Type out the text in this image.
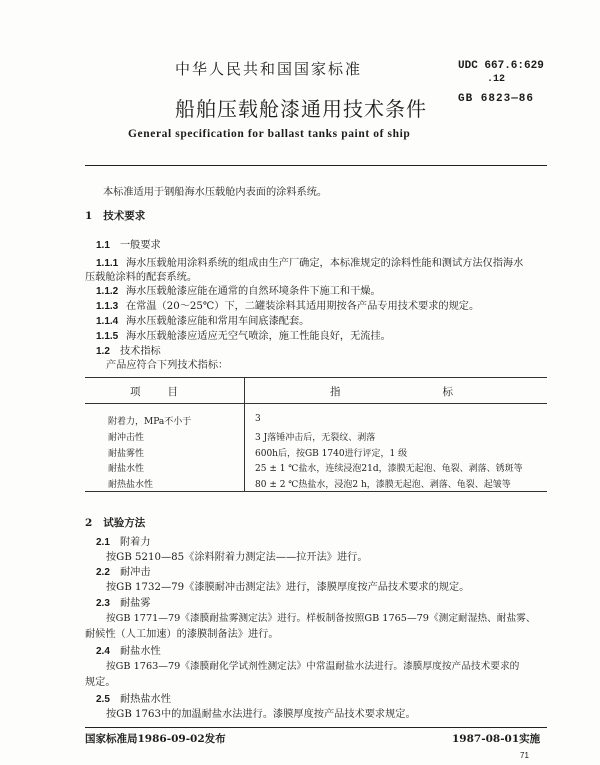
中华人民共和国国家标准	UDC 667.6:629
.12
GB 6823—86
船舶压载舱漆通用技术条件
General specification for ballast tanks paint of ship
本标准适用于钢船海水压载舱内表面的涂料系统。
1 技术要求
1.1 一般要求
1.1.1 海水压载舱用涂料系统的组成由生产厂确定，本标准规定的涂料性能和测试方法仅指海水
压载舱涂料的配套系统。
1.1.2 海水压载舱漆应能在通常的自然环境条件下施工和干燥。
1.1.3 在常温（20～25℃）下，二罐装涂料其适用期按各产品专用技术要求的规定。
1.1.4 海水压载舱漆应能和常用车间底漆配套。
1.1.5 海水压载舱漆应适应无空气喷涂，施工性能良好，无流挂。
1.2 技术指标
产品应符合下列技术指标：
项　　目	指　　　　　　　　标
附着力，MPa不小于	3
耐冲击性	3 J落锤冲击后，无裂纹、剥落
耐盐雾性	600h后，按GB 1740进行评定，1 级
耐盐水性	25 ± 1 ℃盐水，连续浸泡21d，漆膜无起泡、龟裂、剥落、锈斑等
耐热盐水性	80 ± 2 ℃热盐水，浸泡2 h，漆膜无起泡、剥落、龟裂、起皱等
2 试验方法
2.1 附着力
按GB 5210—85《涂料附着力测定法——拉开法》进行。
2.2 耐冲击
按GB 1732—79《漆膜耐冲击测定法》进行，漆膜厚度按产品技术要求的规定。
2.3 耐盐雾
按GB 1771—79《漆膜耐盐雾测定法》进行。样板制备按照GB 1765—79《测定耐湿热、耐盐雾、
耐候性（人工加速）的漆膜制备法》进行。
2.4 耐盐水性
按GB 1763—79《漆膜耐化学试剂性测定法》中常温耐盐水法进行。漆膜厚度按产品技术要求的
规定。
2.5 耐热盐水性
按GB 1763中的加温耐盐水法进行。漆膜厚度按产品技术要求规定。
国家标准局1986-09-02发布	1987-08-01实施
71
